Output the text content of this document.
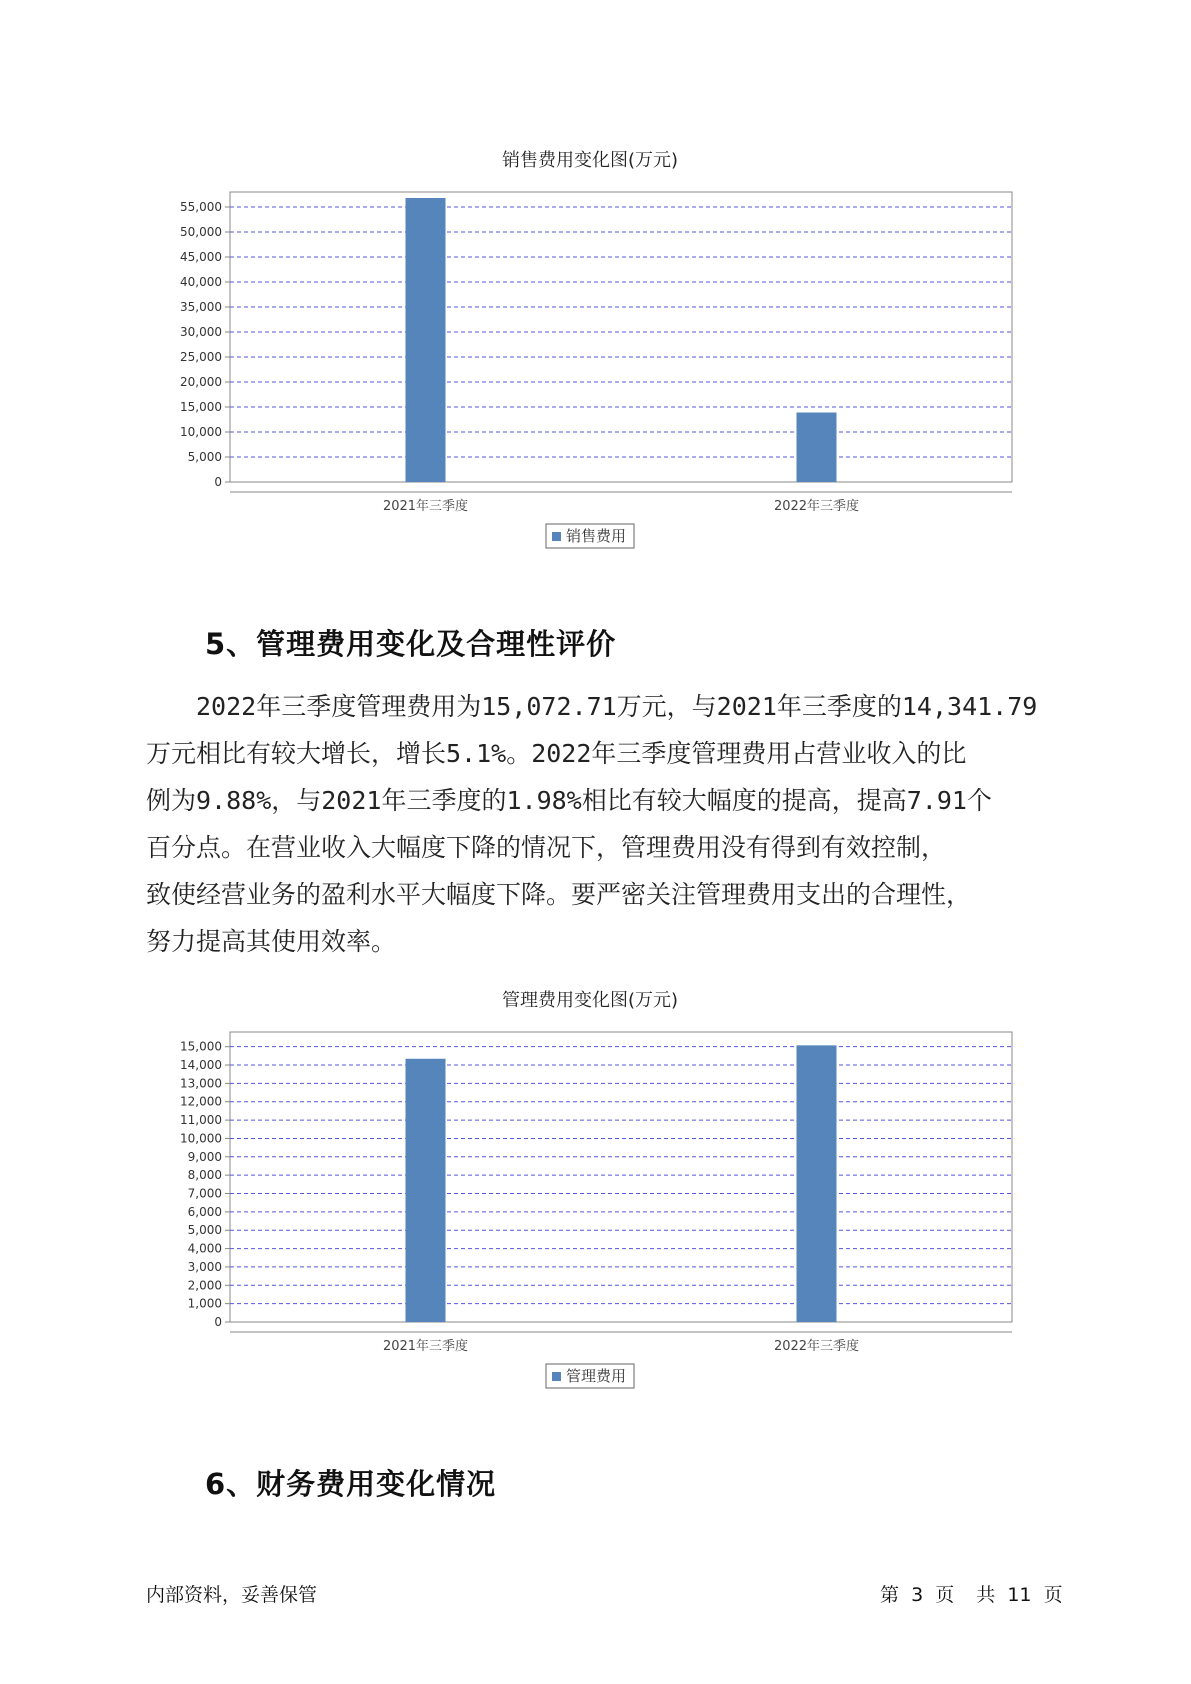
销售费用变化图(万元)
0
5,000
10,000
15,000
20,000
25,000
30,000
35,000
40,000
45,000
50,000
55,000
2021年三季度	2022年三季度
销售费用
5、管理费用变化及合理性评价
2022年三季度管理费用为15,072.71万元，与2021年三季度的14,341.79
万元相比有较大增长，增长5.1%。2022年三季度管理费用占营业收入的比
例为9.88%，与2021年三季度的1.98%相比有较大幅度的提高，提高7.91个
百分点。在营业收入大幅度下降的情况下，管理费用没有得到有效控制，
致使经营业务的盈利水平大幅度下降。要严密关注管理费用支出的合理性，
努力提高其使用效率。
管理费用变化图(万元)
0
1,000
2,000
3,000
4,000
5,000
6,000
7,000
8,000
9,000
10,000
11,000
12,000
13,000
14,000
15,000
2021年三季度	2022年三季度
管理费用
6、财务费用变化情况
内部资料，妥善保管	第 3 页 共 11 页
